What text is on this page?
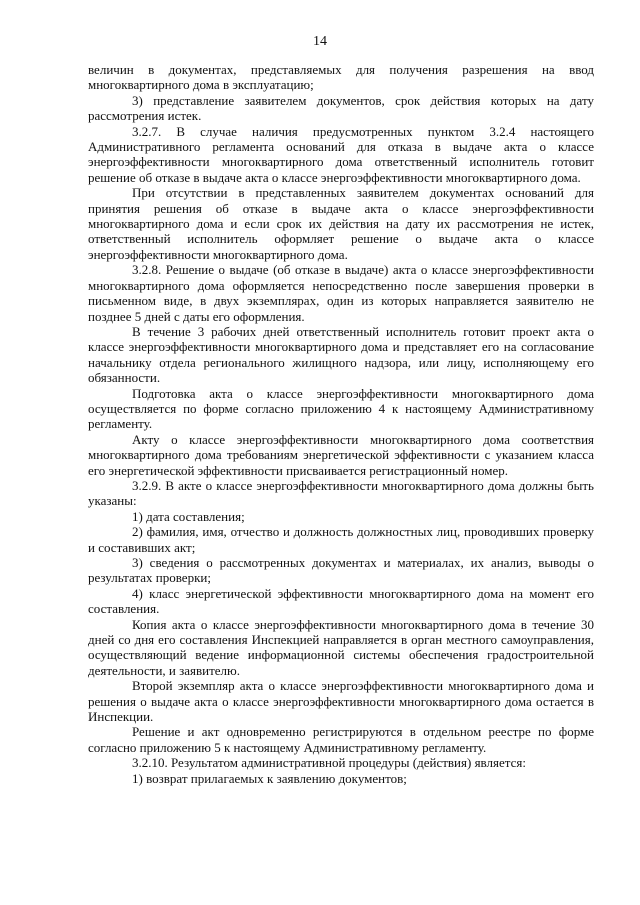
14

величин в документах, представляемых для получения разрешения на ввод многоквартирного дома в эксплуатацию;

3) представление заявителем документов, срок действия которых на дату рассмотрения истек.

3.2.7. В случае наличия предусмотренных пунктом 3.2.4 настоящего Административного регламента оснований для отказа в выдаче акта о классе энергоэффективности многоквартирного дома ответственный исполнитель готовит решение об отказе в выдаче акта о классе энергоэффективности многоквартирного дома.

При отсутствии в представленных заявителем документах оснований для принятия решения об отказе в выдаче акта о классе энергоэффективности многоквартирного дома и если срок их действия на дату их рассмотрения не истек, ответственный исполнитель оформляет решение о выдаче акта о классе энергоэффективности многоквартирного дома.

3.2.8. Решение о выдаче (об отказе в выдаче) акта о классе энергоэффективности многоквартирного дома оформляется непосредственно после завершения проверки в письменном виде, в двух экземплярах, один из которых направляется заявителю не позднее 5 дней с даты его оформления.

В течение 3 рабочих дней ответственный исполнитель готовит проект акта о классе энергоэффективности многоквартирного дома и представляет его на согласование начальнику отдела регионального жилищного надзора, или лицу, исполняющему его обязанности.

Подготовка акта о классе энергоэффективности многоквартирного дома осуществляется по форме согласно приложению 4 к настоящему Административному регламенту.

Акту о классе энергоэффективности многоквартирного дома соответствия многоквартирного дома требованиям энергетической эффективности с указанием класса его энергетической эффективности присваивается регистрационный номер.

3.2.9. В акте о классе энергоэффективности многоквартирного дома должны быть указаны:

1) дата составления;

2) фамилия, имя, отчество и должность должностных лиц, проводивших проверку и составивших акт;

3) сведения о рассмотренных документах и материалах, их анализ, выводы о результатах проверки;

4) класс энергетической эффективности многоквартирного дома на момент его составления.

Копия акта о классе энергоэффективности многоквартирного дома в течение 30 дней со дня его составления Инспекцией направляется в орган местного самоуправления, осуществляющий ведение информационной системы обеспечения градостроительной деятельности, и заявителю.

Второй экземпляр акта о классе энергоэффективности многоквартирного дома и решения о выдаче акта о классе энергоэффективности многоквартирного дома остается в Инспекции.

Решение и акт одновременно регистрируются в отдельном реестре по форме согласно приложению 5 к настоящему Административному регламенту.

3.2.10. Результатом административной процедуры (действия) является:

1) возврат прилагаемых к заявлению документов;
